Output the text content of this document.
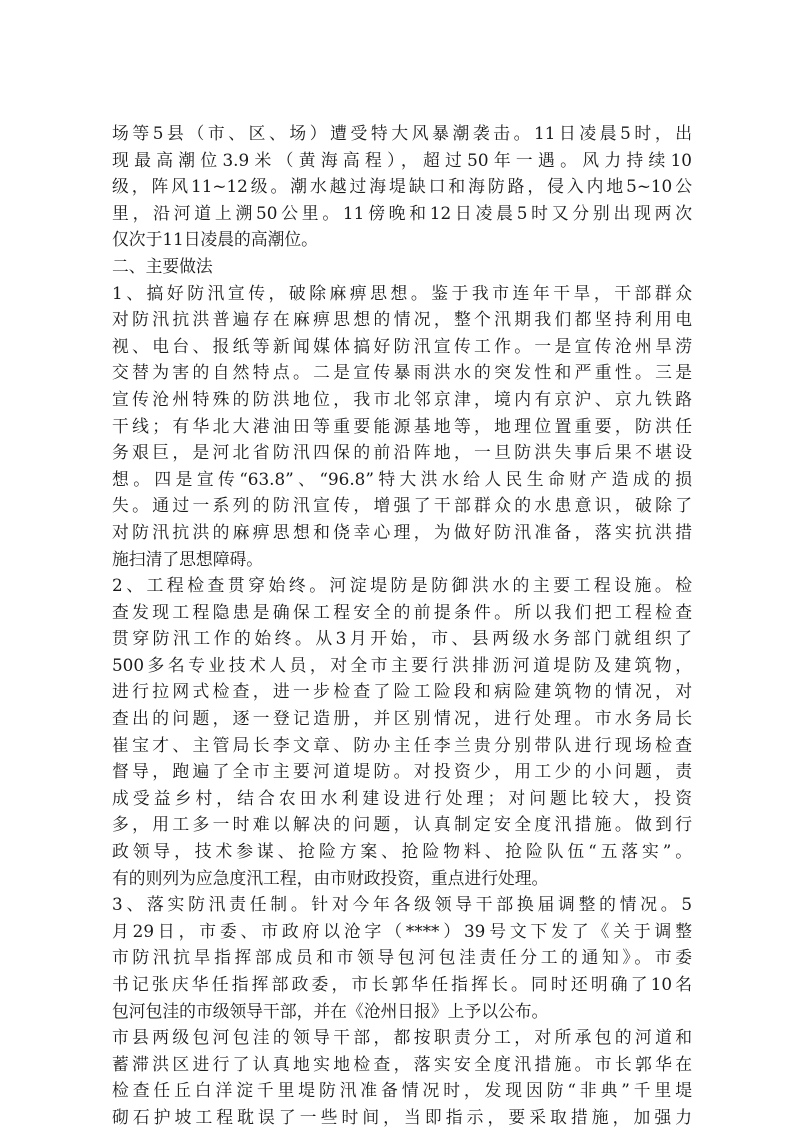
场等5县（市、区、场）遭受特大风暴潮袭击。11日凌晨5时，出
现最高潮位3.9米（黄海高程），超过50年一遇。风力持续10
级，阵风11~12级。潮水越过海堤缺口和海防路，侵入内地5~10公
里，沿河道上溯50公里。11傍晚和12日凌晨5时又分别出现两次
仅次于11日凌晨的高潮位。
二、主要做法
1、搞好防汛宣传，破除麻痹思想。鉴于我市连年干旱，干部群众
对防汛抗洪普遍存在麻痹思想的情况，整个汛期我们都坚持利用电
视、电台、报纸等新闻媒体搞好防汛宣传工作。一是宣传沧州旱涝
交替为害的自然特点。二是宣传暴雨洪水的突发性和严重性。三是
宣传沧州特殊的防洪地位，我市北邻京津，境内有京沪、京九铁路
干线；有华北大港油田等重要能源基地等，地理位置重要，防洪任
务艰巨，是河北省防汛四保的前沿阵地，一旦防洪失事后果不堪设
想。四是宣传“63.8”、“96.8”特大洪水给人民生命财产造成的损
失。通过一系列的防汛宣传，增强了干部群众的水患意识，破除了
对防汛抗洪的麻痹思想和侥幸心理，为做好防汛准备，落实抗洪措
施扫清了思想障碍。
2、工程检查贯穿始终。河淀堤防是防御洪水的主要工程设施。检
查发现工程隐患是确保工程安全的前提条件。所以我们把工程检查
贯穿防汛工作的始终。从3月开始，市、县两级水务部门就组织了
500多名专业技术人员，对全市主要行洪排沥河道堤防及建筑物，
进行拉网式检查，进一步检查了险工险段和病险建筑物的情况，对
查出的问题，逐一登记造册，并区别情况，进行处理。市水务局长
崔宝才、主管局长李文章、防办主任李兰贵分别带队进行现场检查
督导，跑遍了全市主要河道堤防。对投资少，用工少的小问题，责
成受益乡村，结合农田水利建设进行处理；对问题比较大，投资
多，用工多一时难以解决的问题，认真制定安全度汛措施。做到行
政领导，技术参谋、抢险方案、抢险物料、抢险队伍“五落实”。
有的则列为应急度汛工程，由市财政投资，重点进行处理。
3、落实防汛责任制。针对今年各级领导干部换届调整的情况。5
月29日，市委、市政府以沧字（****）39号文下发了《关于调整
市防汛抗旱指挥部成员和市领导包河包洼责任分工的通知》。市委
书记张庆华任指挥部政委，市长郭华任指挥长。同时还明确了10名
包河包洼的市级领导干部，并在《沧州日报》上予以公布。
市县两级包河包洼的领导干部，都按职责分工，对所承包的河道和
蓄滞洪区进行了认真地实地检查，落实安全度汛措施。市长郭华在
检查任丘白洋淀千里堤防汛准备情况时，发现因防“非典”千里堤
砌石护坡工程耽误了一些时间，当即指示，要采取措施，加强力
